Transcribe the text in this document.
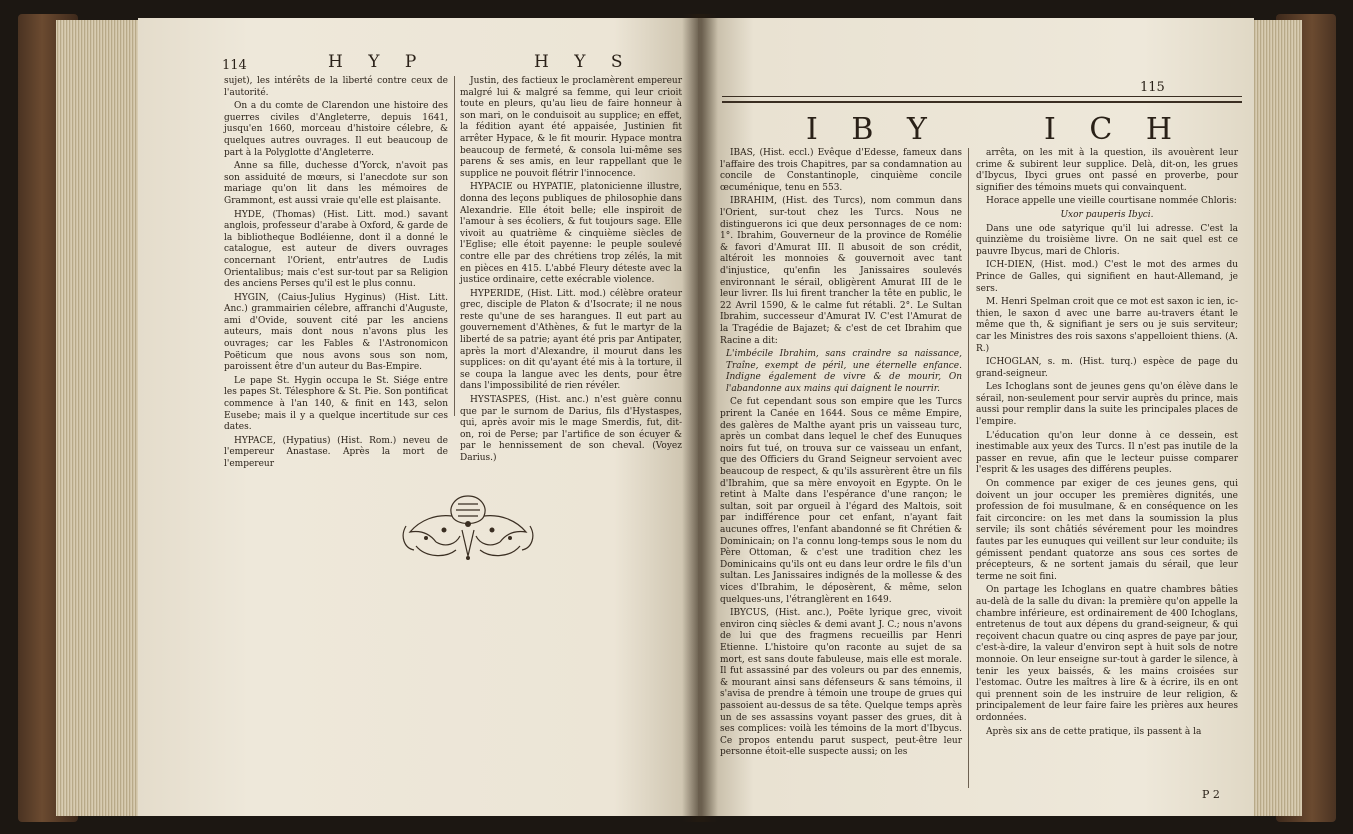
114	H Y P	H Y S

sujet), les intérêts de la liberté contre ceux de l'autorité.

On a du comte de Clarendon une histoire des guerres civiles d'Angleterre, depuis 1641, jusqu'en 1660, morceau d'histoire célebre, & quelques autres ouvrages. Il eut beaucoup de part à la Polyglotte d'Angleterre.

Anne sa fille, duchesse d'Yorck, n'avoit pas son assiduité de mœurs, si l'anecdote sur son mariage qu'on lit dans les mémoires de Grammont, est aussi vraie qu'elle est plaisante.

HYDE, (Thomas) (Hist. Litt. mod.) savant anglois, professeur d'arabe à Oxford, & garde de la bibliotheque Bodléienne, dont il a donné le catalogue, est auteur de divers ouvrages concernant l'Orient, entr'autres de Ludis Orientalibus; mais c'est sur-tout par sa Religion des anciens Perses qu'il est le plus connu.

HYGIN, (Caius-Julius Hyginus) (Hist. Litt. Anc.) grammairien célebre, affranchi d'Auguste, ami d'Ovide, souvent cité par les anciens auteurs, mais dont nous n'avons plus les ouvrages; car les Fables & l'Astronomicon Poëticum que nous avons sous son nom, paroissent être d'un auteur du Bas-Empire.

Le pape St. Hygin occupa le St. Siége entre les papes St. Télesphore & St. Pie. Son pontificat commence à l'an 140, & finit en 143, selon Eusebe; mais il y a quelque incertitude sur ces dates.

HYPACE, (Hypatius) (Hist. Rom.) neveu de l'empereur Anastase. Après la mort de l'empereur

Justin, des factieux le proclamèrent empereur malgré lui & malgré sa femme, qui leur crioit toute en pleurs, qu'au lieu de faire honneur à son mari, on le conduisoit au supplice; en effet, la fédition ayant été appaisée, Justinien fit arrêter Hypace, & le fit mourir. Hypace montra beaucoup de fermeté, & consola lui-même ses parens & ses amis, en leur rappellant que le supplice ne pouvoit flétrir l'innocence.

HYPACIE ou HYPATIE, platonicienne illustre, donna des leçons publiques de philosophie dans Alexandrie. Elle étoit belle; elle inspiroit de l'amour à ses écoliers, & fut toujours sage. Elle vivoit au quatrième & cinquième siècles de l'Eglise; elle étoit payenne: le peuple soulevé contre elle par des chrétiens trop zélés, la mit en pièces en 415. L'abbé Fleury déteste avec la justice ordinaire, cette exécrable violence.

HYPERIDE, (Hist. Litt. mod.) célèbre orateur grec, disciple de Platon & d'Isocrate; il ne nous reste qu'une de ses harangues. Il eut part au gouvernement d'Athènes, & fut le martyr de la liberté de sa patrie; ayant été pris par Antipater, après la mort d'Alexandre, il mourut dans les supplices: on dit qu'ayant été mis à la torture, il se coupa la langue avec les dents, pour être dans l'impossibilité de rien révéler.

HYSTASPES, (Hist. anc.) n'est guère connu que par le surnom de Darius, fils d'Hystaspes, qui, après avoir mis le mage Smerdis, fut, dit-on, roi de Perse; par l'artifice de son écuyer & par le hennissement de son cheval. (Voyez Darius.)

115
I B Y	I C H

IBAS, (Hist. eccl.) Evêque d'Edesse, fameux dans l'affaire des trois Chapitres, par sa condamnation au concile de Constantinople, cinquième concile œcuménique, tenu en 553.

IBRAHIM, (Hist. des Turcs), nom commun dans l'Orient, sur-tout chez les Turcs. Nous ne distinguerons ici que deux personnages de ce nom: 1°. Ibrahim, Gouverneur de la province de Romélie & favori d'Amurat III. Il abusoit de son crédit, altéroit les monnoies & gouvernoit avec tant d'injustice, qu'enfin les Janissaires soulevés environnant le sérail, obligèrent Amurat III de le leur livrer. Ils lui firent trancher la tête en public, le 22 Avril 1590, & le calme fut rétabli. 2°. Le Sultan Ibrahim, successeur d'Amurat IV. C'est l'Amurat de la Tragédie de Bajazet; & c'est de cet Ibrahim que Racine a dit:

L'imbécile Ibrahim, sans craindre sa naissance, Traîne, exempt de péril, une éternelle enfance. Indigne également de vivre & de mourir, On l'abandonne aux mains qui daignent le nourrir.

Ce fut cependant sous son empire que les Turcs prirent la Canée en 1644. Sous ce même Empire, des galères de Malthe ayant pris un vaisseau turc, après un combat dans lequel le chef des Eunuques noirs fut tué, on trouva sur ce vaisseau un enfant, que des Officiers du Grand Seigneur servoient avec beaucoup de respect, & qu'ils assurèrent être un fils d'Ibrahim, que sa mère envoyoit en Egypte. On le retint à Malte dans l'espérance d'une rançon; le sultan, soit par orgueil à l'égard des Maltois, soit par indifférence pour cet enfant, n'ayant fait aucunes offres, l'enfant abandonné se fit Chrétien & Dominicain; on l'a connu long-temps sous le nom du Père Ottoman, & c'est une tradition chez les Dominicains qu'ils ont eu dans leur ordre le fils d'un sultan. Les Janissaires indignés de la mollesse & des vices d'Ibrahim, le déposèrent, & même, selon quelques-uns, l'étranglèrent en 1649.

IBYCUS, (Hist. anc.), Poëte lyrique grec, vivoit environ cinq siècles & demi avant J. C.; nous n'avons de lui que des fragmens recueillis par Henri Etienne. L'histoire qu'on raconte au sujet de sa mort, est sans doute fabuleuse, mais elle est morale. Il fut assassiné par des voleurs ou par des ennemis, & mourant ainsi sans défenseurs & sans témoins, il s'avisa de prendre à témoin une troupe de grues qui passoient au-dessus de sa tête. Quelque temps après un de ses assassins voyant passer des grues, dit à ses complices: voilà les témoins de la mort d'Ibycus. Ce propos entendu parut suspect, peut-être leur personne étoit-elle suspecte aussi; on les

arrêta, on les mit à la question, ils avouèrent leur crime & subirent leur supplice. Delà, dit-on, les grues d'Ibycus, Ibyci grues ont passé en proverbe, pour signifier des témoins muets qui convainquent.

Horace appelle une vieille courtisane nommée Chloris:

Uxor pauperis Ibyci.

Dans une ode satyrique qu'il lui adresse. C'est la quinzième du troisième livre. On ne sait quel est ce pauvre Ibycus, mari de Chloris.

ICH-DIEN, (Hist. mod.) C'est le mot des armes du Prince de Galles, qui signifient en haut-Allemand, je sers.

M. Henri Spelman croit que ce mot est saxon ic ien, ic-thien, le saxon d avec une barre au-travers étant le même que th, & signifiant je sers ou je suis serviteur; car les Ministres des rois saxons s'appelloient thiens. (A. R.)

ICHOGLAN, s. m. (Hist. turq.) espèce de page du grand-seigneur.

Les Ichoglans sont de jeunes gens qu'on élève dans le sérail, non-seulement pour servir auprès du prince, mais aussi pour remplir dans la suite les principales places de l'empire.

L'éducation qu'on leur donne à ce dessein, est inestimable aux yeux des Turcs. Il n'est pas inutile de la passer en revue, afin que le lecteur puisse comparer l'esprit & les usages des différens peuples.

On commence par exiger de ces jeunes gens, qui doivent un jour occuper les premières dignités, une profession de foi musulmane, & en conséquence on les fait circoncire: on les met dans la soumission la plus servile; ils sont châtiés sévérement pour les moindres fautes par les eunuques qui veillent sur leur conduite; ils gémissent pendant quatorze ans sous ces sortes de précepteurs, & ne sortent jamais du sérail, que leur terme ne soit fini.

On partage les Ichoglans en quatre chambres bâties au-delà de la salle du divan: la première qu'on appelle la chambre inférieure, est ordinairement de 400 Ichoglans, entretenus de tout aux dépens du grand-seigneur, & qui reçoivent chacun quatre ou cinq aspres de paye par jour, c'est-à-dire, la valeur d'environ sept à huit sols de notre monnoie. On leur enseigne sur-tout à garder le silence, à tenir les yeux baissés, & les mains croisées sur l'estomac. Outre les maîtres à lire & à écrire, ils en ont qui prennent soin de les instruire de leur religion, & principalement de leur faire faire les prières aux heures ordonnées.

Après six ans de cette pratique, ils passent à la

P 2
